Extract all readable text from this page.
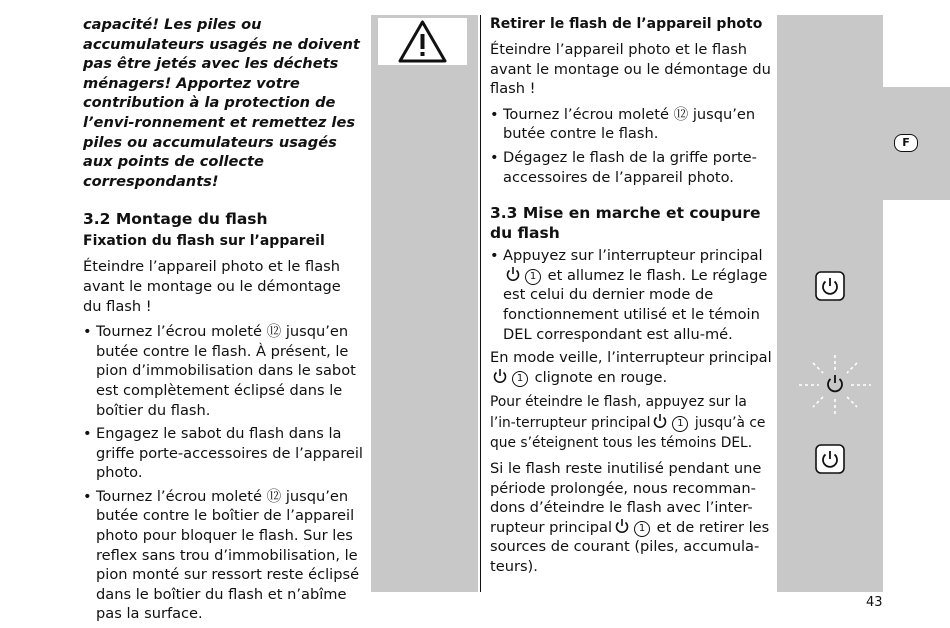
F

capacité! Les piles ou accumulateurs usagés ne doivent pas être jetés avec les déchets ménagers! Apportez votre contribution à la protection de l’envi-ronnement et remettez les piles ou accumulateurs usagés aux points de collecte correspondants!

3.2 Montage du flash
Fixation du flash sur l’appareil

Éteindre l’appareil photo et le flash avant le montage ou le démontage du flash !

• Tournez l’écrou moleté ⑫ jusqu’en butée contre le flash. À présent, le pion d’immobilisation dans le sabot est complètement éclipsé dans le boîtier du flash.
• Engagez le sabot du flash dans la griffe porte-accessoires de l’appareil photo.
• Tournez l’écrou moleté ⑫ jusqu’en butée contre le boîtier de l’appareil photo pour bloquer le flash. Sur les reflex sans trou d’immobilisation, le pion monté sur ressort reste éclipsé dans le boîtier du flash et n’abîme pas la surface.
Retirer le flash de l’appareil photo

Éteindre l’appareil photo et le flash avant le montage ou le démontage du flash !

• Tournez l’écrou moleté ⑫ jusqu’en butée contre le flash.
• Dégagez le flash de la griffe porte-accessoires de l’appareil photo.
3.3 Mise en marche et coupure du flash
• Appuyez sur l’interrupteur principal1 et allumez le flash. Le réglage est celui du dernier mode de fonctionnement utilisé et le témoin DEL correspondant est allu-mé.

En mode veille, l’interrupteur principal1 clignote en rouge.

Pour éteindre le flash, appuyez sur la l’in-terrupteur principal	1 jusqu’à ce que s’éteignent tous les témoins DEL.

Si le flash reste inutilisé pendant une période prolongée, nous recomman-dons d’éteindre le flash avec l’inter-rupteur principal	1 et de retirer les sources de courant (piles, accumula-teurs).

43
